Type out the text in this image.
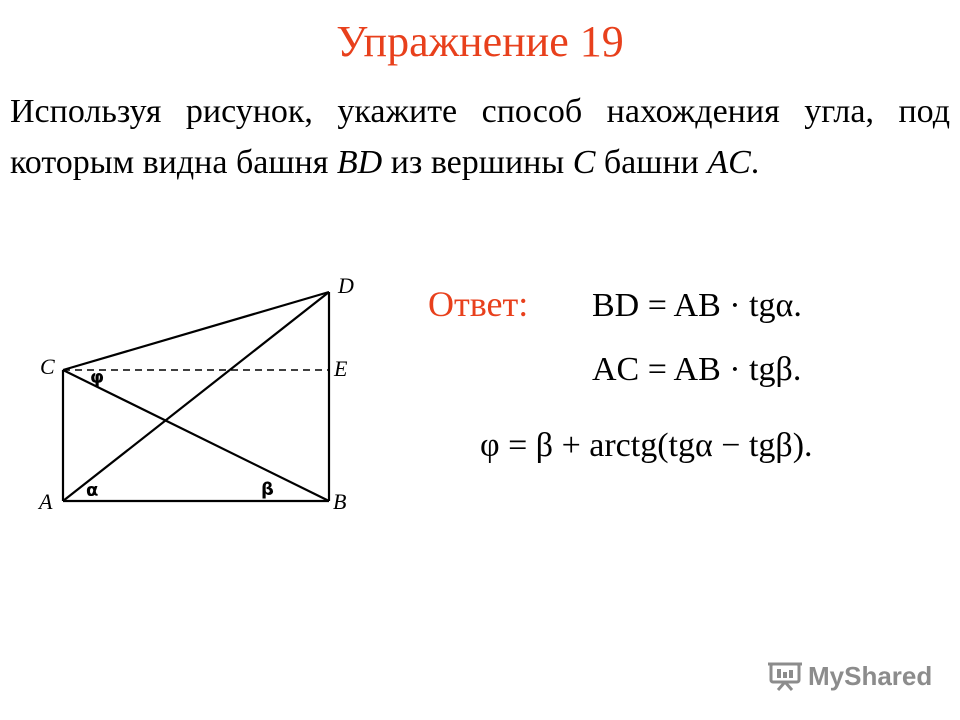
Упражнение 19

Используя рисунок, укажите способ нахождения угла, под которым видна башня BD из вершины C башни AC.

A	B
C
D
E
α	β
φ
Ответ: BD = AB · tgα.
AC = AB · tgβ.
φ = β + arctg(tgα − tgβ).
MyShared
